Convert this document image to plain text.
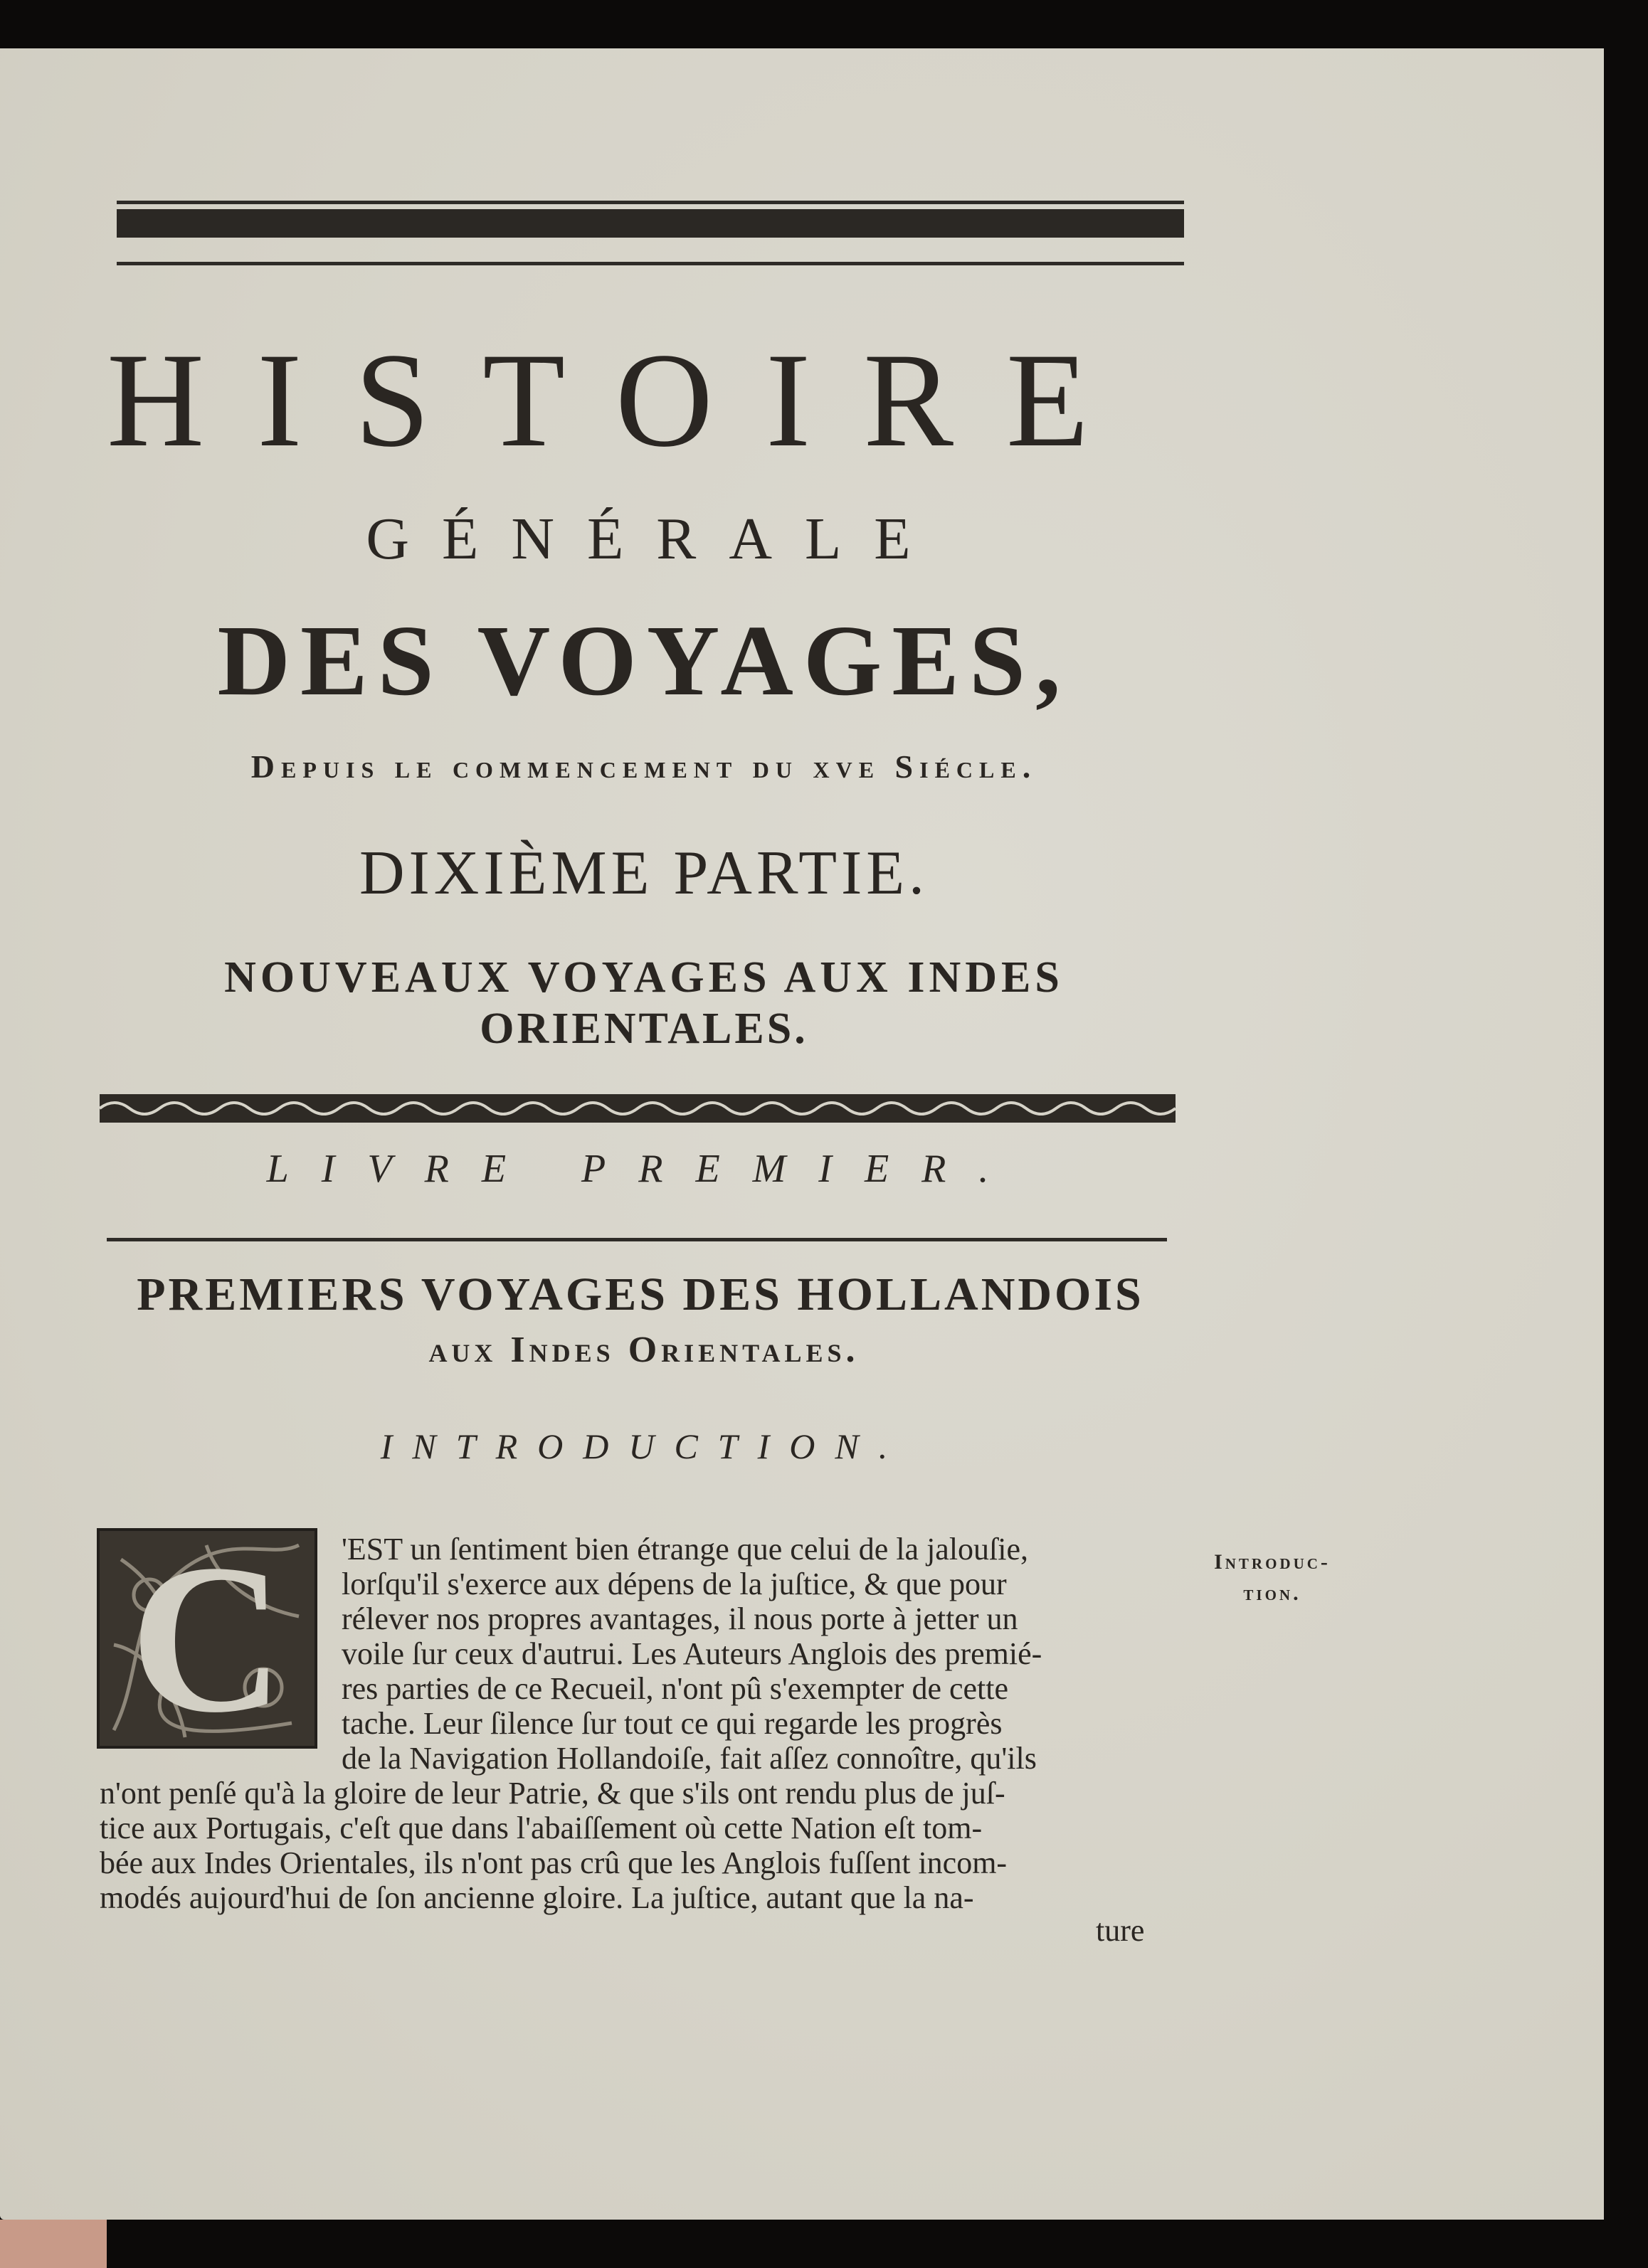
HISTOIRE
GÉNÉRALE
DES VOYAGES,
Depuis le commencement du xve Siécle.
DIXIÈME PARTIE.
NOUVEAUX VOYAGES AUX INDES
ORIENTALES.
LIVRE PREMIER.
PREMIERS VOYAGES DES HOLLANDOIS
aux Indes Orientales.
INTRODUCTION.
C	'EST un ſentiment bien étrange que celui de la jalouſie,
lorſqu'il s'exerce aux dépens de la juſtice, & que pour
rélever nos propres avantages, il nous porte à jetter un
voile ſur ceux d'autrui. Les Auteurs Anglois des premié-
res parties de ce Recueil, n'ont pû s'exempter de cette
tache. Leur ſilence ſur tout ce qui regarde les progrès
de la Navigation Hollandoiſe, fait aſſez connoître, qu'ils
n'ont penſé qu'à la gloire de leur Patrie, & que s'ils ont rendu plus de juſ-
tice aux Portugais, c'eſt que dans l'abaiſſement où cette Nation eſt tom-
bée aux Indes Orientales, ils n'ont pas crû que les Anglois fuſſent incom-
modés aujourd'hui de ſon ancienne gloire. La juſtice, autant que la na-
ture
Introduc-
tion.
